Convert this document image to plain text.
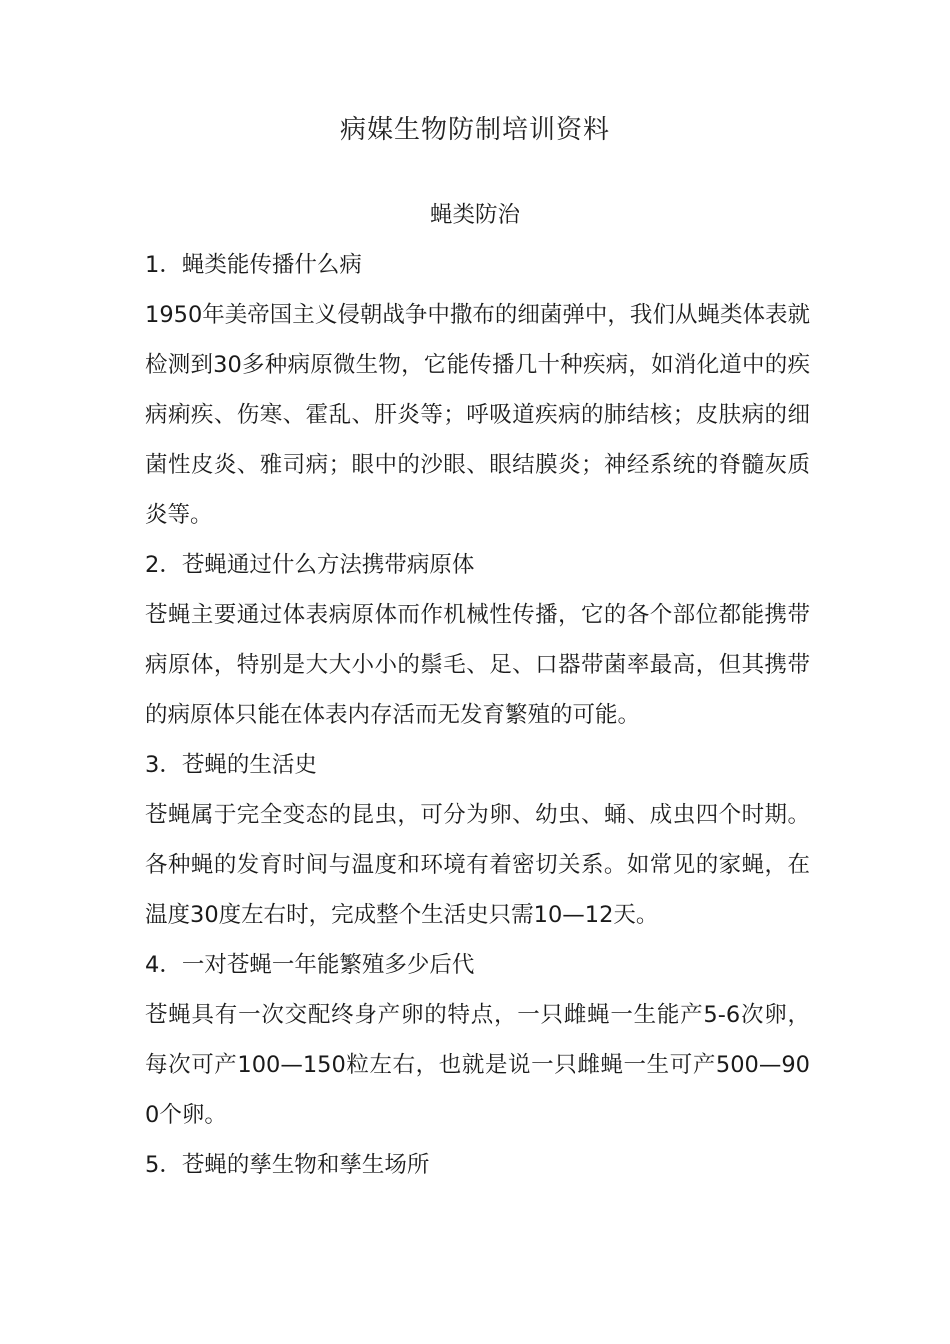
病媒生物防制培训资料
蝇类防治
1．蝇类能传播什么病
1950年美帝国主义侵朝战争中撒布的细菌弹中，我们从蝇类体表就检测到30多种病原微生物，它能传播几十种疾病，如消化道中的疾病痢疾、伤寒、霍乱、肝炎等；呼吸道疾病的肺结核；皮肤病的细菌性皮炎、雅司病；眼中的沙眼、眼结膜炎；神经系统的脊髓灰质炎等。
2．苍蝇通过什么方法携带病原体
苍蝇主要通过体表病原体而作机械性传播，它的各个部位都能携带病原体，特别是大大小小的鬃毛、足、口器带菌率最高，但其携带的病原体只能在体表内存活而无发育繁殖的可能。
3．苍蝇的生活史
苍蝇属于完全变态的昆虫，可分为卵、幼虫、蛹、成虫四个时期。各种蝇的发育时间与温度和环境有着密切关系。如常见的家蝇，在温度30度左右时，完成整个生活史只需10—12天。
4．一对苍蝇一年能繁殖多少后代
苍蝇具有一次交配终身产卵的特点，一只雌蝇一生能产5-6次卵，每次可产100—150粒左右，也就是说一只雌蝇一生可产500—900个卵。
5．苍蝇的孳生物和孳生场所
